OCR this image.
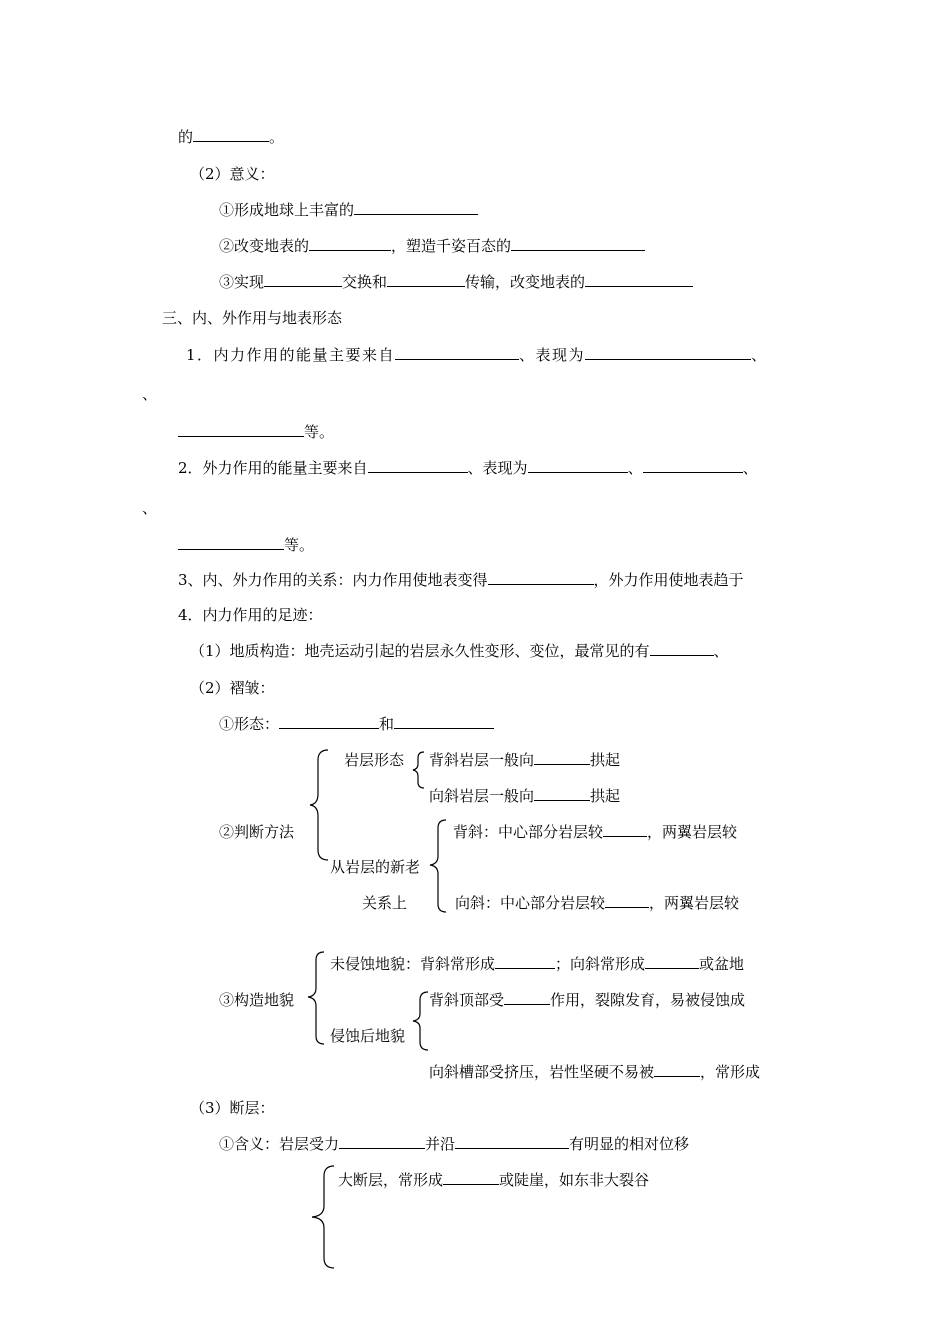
的	。
（2）意义：
①形成地球上丰富的
②改变地表的	，塑造千姿百态的
③实现	交换和	传输，改变地表的
三、内、外作用与地表形态
1．内力作用的能量主要来自	、表现为	、
、
等。
2．外力作用的能量主要来自	、表现为	、	、
、
等。
3、内、外力作用的关系：内力作用使地表变得	，外力作用使地表趋于
4．内力作用的足迹：
（1）地质构造：地壳运动引起的岩层永久性变形、变位，最常见的有	、
（2）褶皱：
①形态：	和
岩层形态 背斜岩层一般向	拱起
向斜岩层一般向	拱起
②判断方法	背斜：中心部分岩层较	，两翼岩层较
从岩层的新老
关系上	向斜：中心部分岩层较	，两翼岩层较
未侵蚀地貌：背斜常形成	；向斜常形成	或盆地
③构造地貌	背斜顶部受	作用，裂隙发育，易被侵蚀成
侵蚀后地貌
向斜槽部受挤压，岩性坚硬不易被	，常形成
（3）断层：
①含义：岩层受力	并沿	有明显的相对位移
大断层，常形成	或陡崖，如东非大裂谷
